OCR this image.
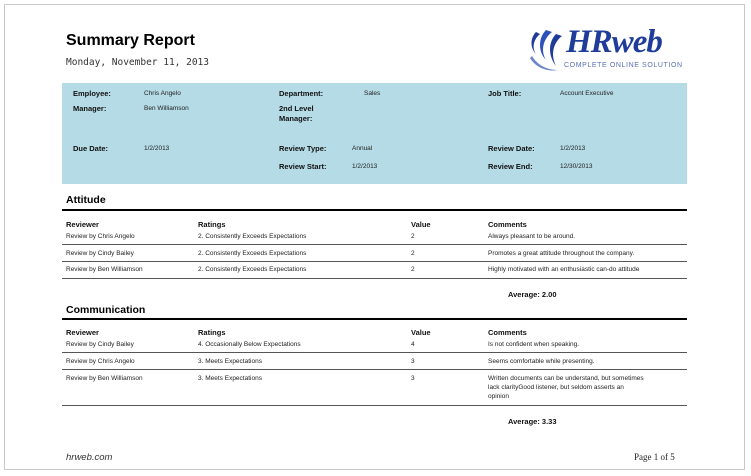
Summary Report
Monday, November 11, 2013
HRweb
COMPLETE ONLINE SOLUTION
Employee:	Chris Angelo	Department:	Sales	Job Title:	Account Executive
Manager:	Ben Williamson	2nd Level
Manager:
Due Date:	1/2/2013	Review Type:	Annual	Review Date:	1/2/2013
Review Start:	1/2/2013	Review End:	12/30/2013
Attitude
Reviewer	Ratings	Value	Comments
Review by Chris Angelo	2. Consistently Exceeds Expectations	2	Always pleasant to be around.
Review by Cindy Bailey	2. Consistently Exceeds Expectations	2	Promotes a great attitude throughout the company.
Review by Ben Williamson	2. Consistently Exceeds Expectations	2	Highly motivated with an enthusiastic can-do attitude
Average: 2.00
Communication
Reviewer	Ratings	Value	Comments
Review by Cindy Bailey	4. Occasionally Below Expectations	4	Is not confident when speaking.
Review by Chris Angelo	3. Meets Expectations	3	Seems comfortable while presenting.
Review by Ben Williamson	3. Meets Expectations	3	Written documents can be understand, but sometimes
lack clarityGood listener, but seldom asserts an
opinion
Average: 3.33
hrweb.com	Page 1 of 5
